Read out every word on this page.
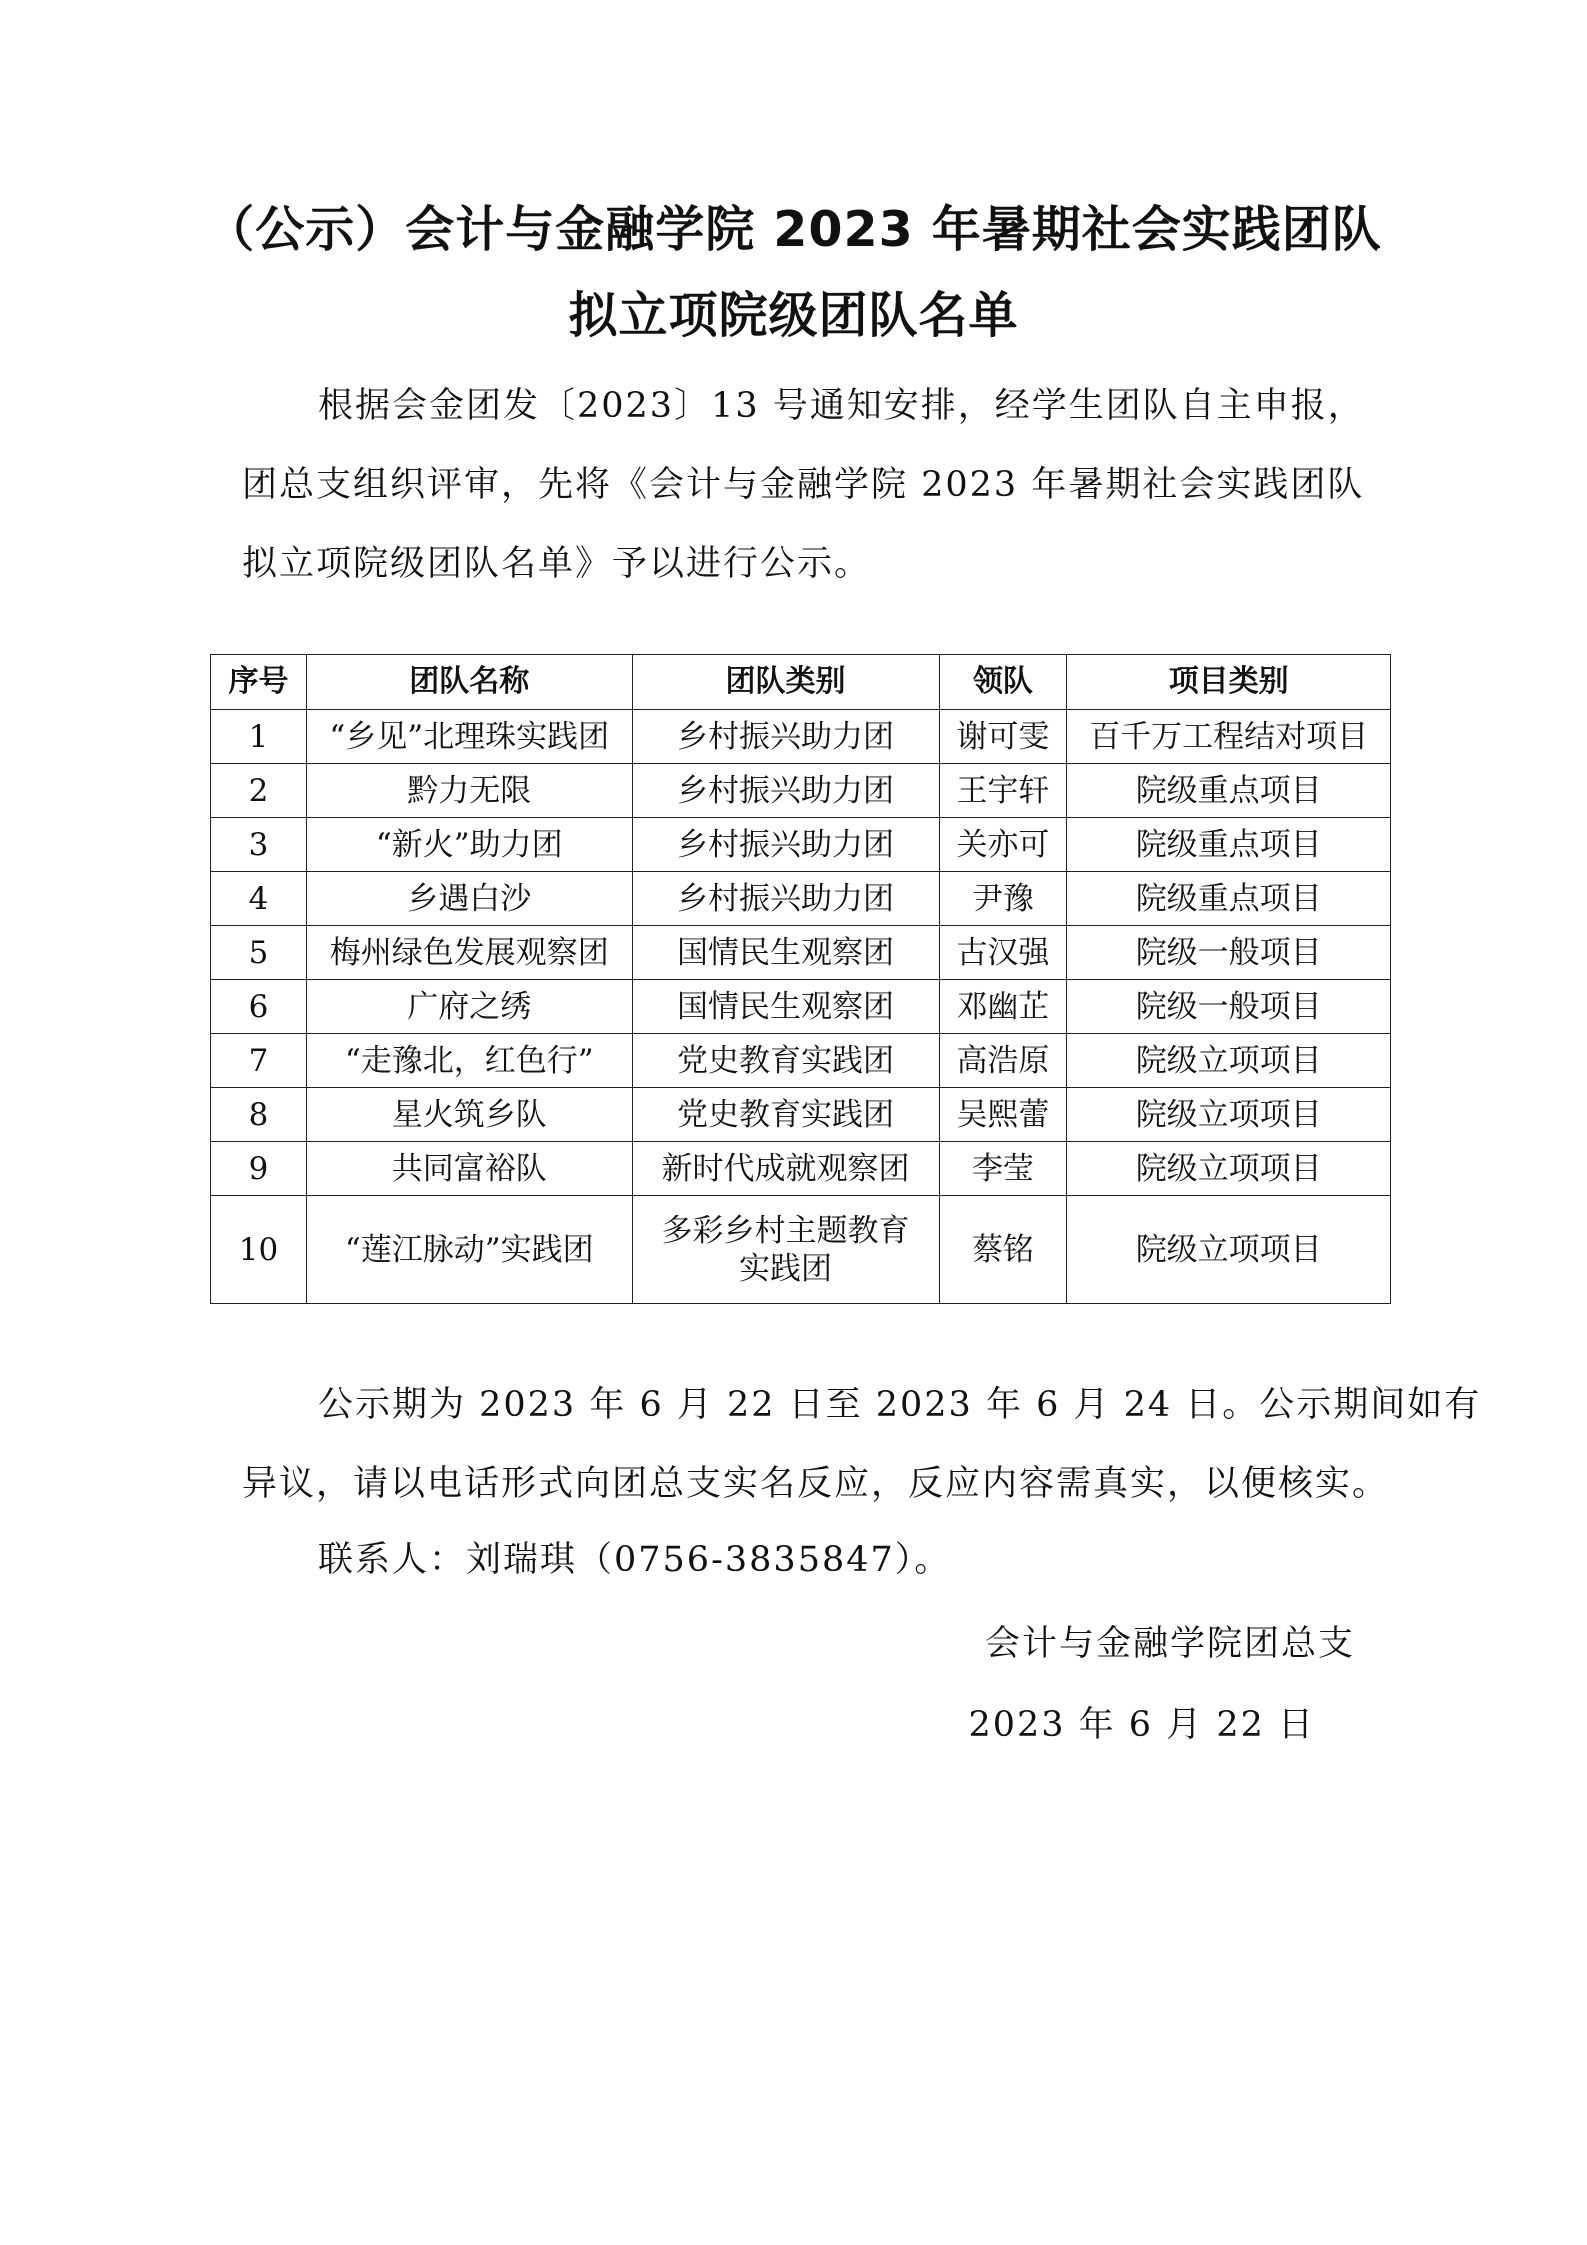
（公示）会计与金融学院 2023 年暑期社会实践团队
拟立项院级团队名单
根据会金团发〔2023〕13 号通知安排，经学生团队自主申报，
团总支组织评审，先将《会计与金融学院 2023 年暑期社会实践团队
拟立项院级团队名单》予以进行公示。
序号	团队名称	团队类别	领队	项目类别
1	“乡见”北理珠实践团	乡村振兴助力团	谢可雯	百千万工程结对项目
2	黔力无限	乡村振兴助力团	王宇轩	院级重点项目
3	“新火”助力团	乡村振兴助力团	关亦可	院级重点项目
4	乡遇白沙	乡村振兴助力团	尹豫	院级重点项目
5	梅州绿色发展观察团	国情民生观察团	古汉强	院级一般项目
6	广府之绣	国情民生观察团	邓幽芷	院级一般项目
7	“走豫北，红色行”	党史教育实践团	高浩原	院级立项项目
8	星火筑乡队	党史教育实践团	吴熙蕾	院级立项项目
9	共同富裕队	新时代成就观察团	李莹	院级立项项目
10	“莲江脉动”实践团	多彩乡村主题教育实践团	蔡铭	院级立项项目
公示期为 2023 年 6 月 22 日至 2023 年 6 月 24 日。公示期间如有
异议，请以电话形式向团总支实名反应，反应内容需真实，以便核实。
联系人：刘瑞琪（0756-3835847）。
会计与金融学院团总支
2023 年 6 月 22 日
